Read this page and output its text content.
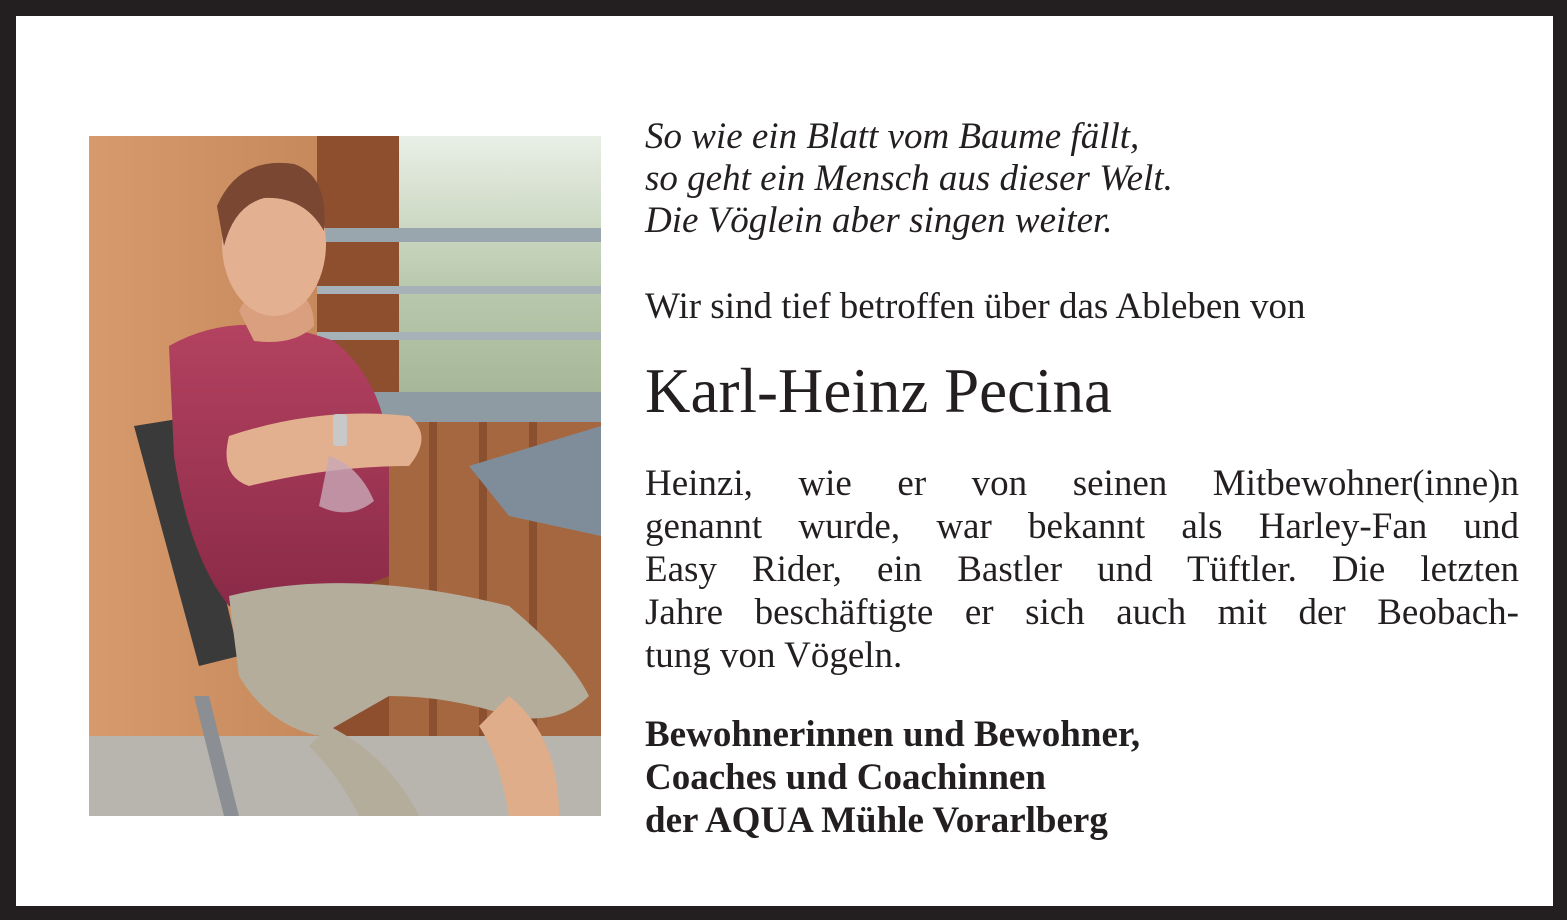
So wie ein Blatt vom Baume fällt,
so geht ein Mensch aus dieser Welt.
Die Vöglein aber singen weiter.

Wir sind tief betroffen über das Ableben von

Karl-Heinz Pecina

Heinzi, wie er von seinen Mitbewohner(inne)n
genannt wurde, war bekannt als Harley-Fan und
Easy Rider, ein Bastler und Tüftler. Die letzten
Jahre beschäftigte er sich auch mit der Beobach-
tung von Vögeln.

Bewohnerinnen und Bewohner,
Coaches und Coachinnen
der AQUA Mühle Vorarlberg
